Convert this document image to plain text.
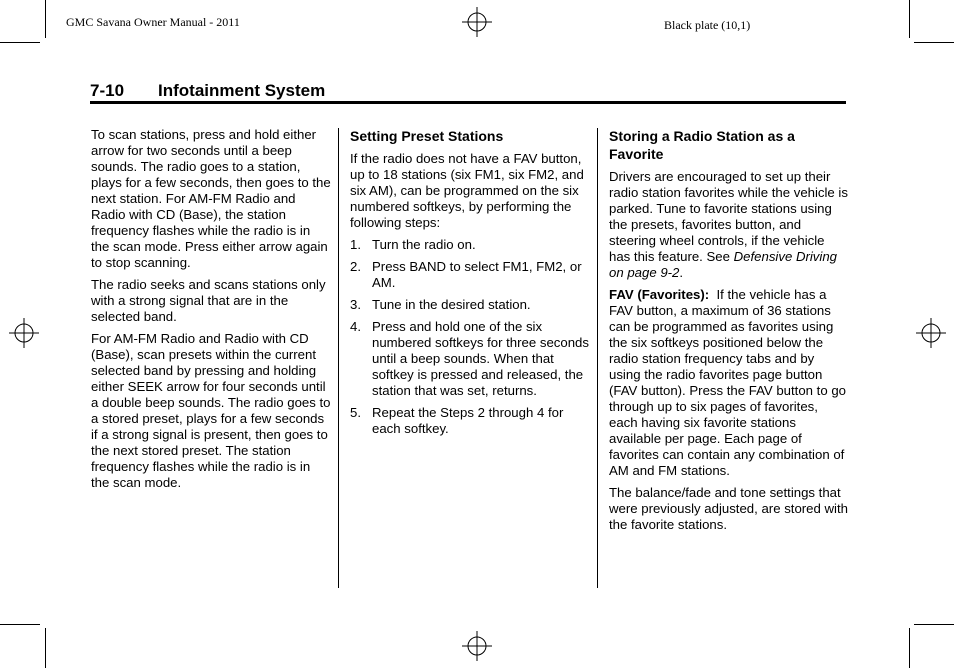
GMC Savana Owner Manual - 2011	Black plate (10,1)
7-10 Infotainment System

To scan stations, press and hold either arrow for two seconds until a beep sounds. The radio goes to a station, plays for a few seconds, then goes to the next station. For AM-FM Radio and Radio with CD (Base), the station frequency flashes while the radio is in the scan mode. Press either arrow again to stop scanning.

The radio seeks and scans stations only with a strong signal that are in the selected band.

For AM-FM Radio and Radio with CD (Base), scan presets within the current selected band by pressing and holding either SEEK arrow for four seconds until a double beep sounds. The radio goes to a stored preset, plays for a few seconds if a strong signal is present, then goes to the next stored preset. The station frequency flashes while the radio is in the scan mode.

Setting Preset Stations

If the radio does not have a FAV button, up to 18 stations (six FM1, six FM2, and six AM), can be programmed on the six numbered softkeys, by performing the following steps:

1. Turn the radio on.
2. Press BAND to select FM1, FM2, or AM.
3. Tune in the desired station.
4. Press and hold one of the six numbered softkeys for three seconds until a beep sounds. When that softkey is pressed and released, the station that was set, returns.
5. Repeat the Steps 2 through 4 for each softkey.
Storing a Radio Station as a Favorite

Drivers are encouraged to set up their radio station favorites while the vehicle is parked. Tune to favorite stations using the presets, favorites button, and steering wheel controls, if the vehicle has this feature. See Defensive Driving on page 9-2.

FAV (Favorites): If the vehicle has a FAV button, a maximum of 36 stations can be programmed as favorites using the six softkeys positioned below the radio station frequency tabs and by using the radio favorites page button (FAV button). Press the FAV button to go through up to six pages of favorites, each having six favorite stations available per page. Each page of favorites can contain any combination of AM and FM stations.

The balance/fade and tone settings that were previously adjusted, are stored with the favorite stations.
